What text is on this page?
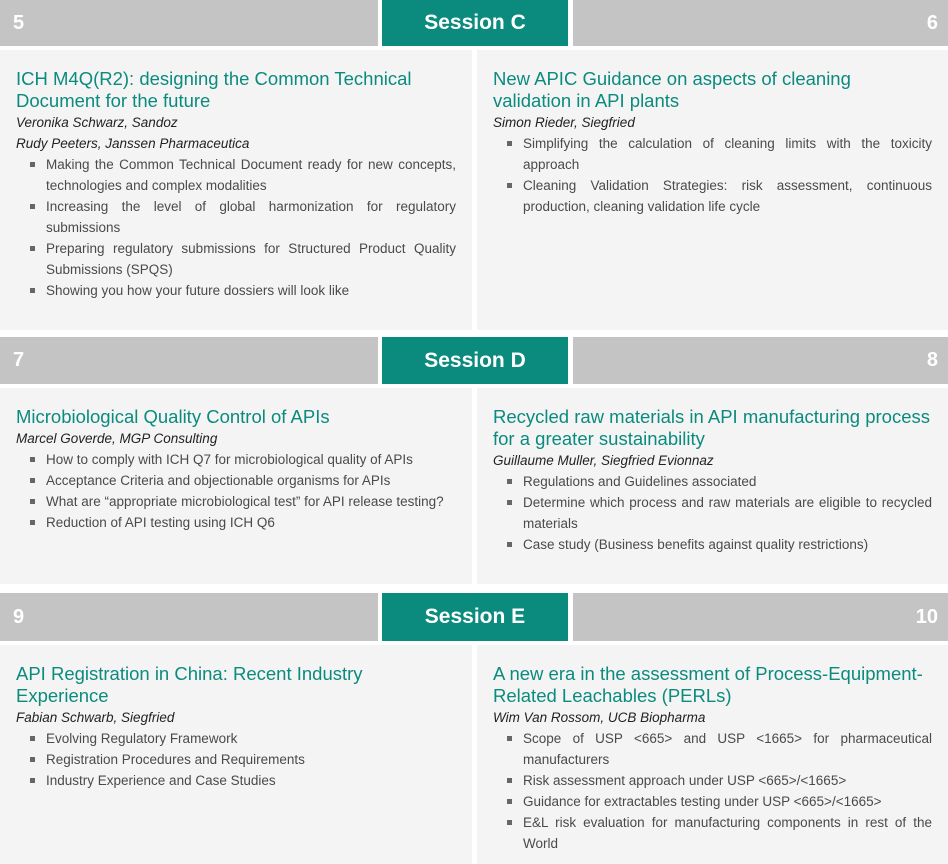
5	Session C	6
ICH M4Q(R2): designing the Common Technical Document for the future

Veronika Schwarz, Sandoz

Rudy Peeters, Janssen Pharmaceutica

Making the Common Technical Document ready for new concepts, technologies and complex modalities
Increasing the level of global harmonization for regulatory submissions
Preparing regulatory submissions for Structured Product Quality Submissions (SPQS)
Showing you how your future dossiers will look like
New APIC Guidance on aspects of cleaning validation in API plants

Simon Rieder, Siegfried

Simplifying the calculation of cleaning limits with the toxicity approach
Cleaning Validation Strategies: risk assessment, continuous production, cleaning validation life cycle
7	Session D	8
Microbiological Quality Control of APIs

Marcel Goverde, MGP Consulting

How to comply with ICH Q7 for microbiological quality of APIs
Acceptance Criteria and objectionable organisms for APIs
What are “appropriate microbiological test” for API release testing?
Reduction of API testing using ICH Q6
Recycled raw materials in API manufacturing process for a greater sustainability

Guillaume Muller, Siegfried Evionnaz

Regulations and Guidelines associated
Determine which process and raw materials are eligible to recycled materials
Case study (Business benefits against quality restrictions)
9	Session E	10
API Registration in China: Recent Industry Experience

Fabian Schwarb, Siegfried

Evolving Regulatory Framework
Registration Procedures and Requirements
Industry Experience and Case Studies
A new era in the assessment of Process-Equipment-Related Leachables (PERLs)

Wim Van Rossom, UCB Biopharma

Scope of USP <665> and USP <1665> for pharmaceutical manufacturers
Risk assessment approach under USP <665>/<1665>
Guidance for extractables testing under USP <665>/<1665>
E&L risk evaluation for manufacturing components in rest of the World
